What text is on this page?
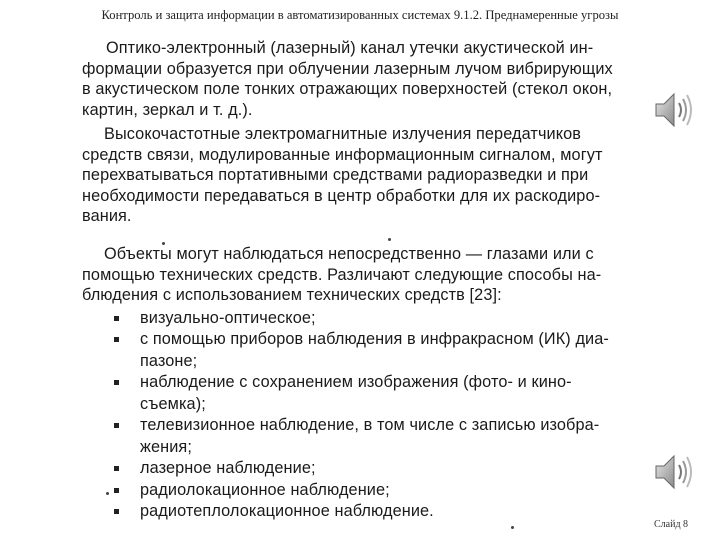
Контроль и защита информации в автоматизированных системах 9.1.2. Преднамеренные угрозы

Оптико-электронный (лазерный) канал утечки акустической ин-
формации образуется при облучении лазерным лучом вибрирующих
в акустическом поле тонких отражающих поверхностей (стекол окон,
картин, зеркал и т. д.).

Высокочастотные электромагнитные излучения передатчиков
средств связи, модулированные информационным сигналом, могут
перехватываться портативными средствами радиоразведки и при
необходимости передаваться в центр обработки для их раскодиро-
вания.

Объекты могут наблюдаться непосредственно — глазами или с
помощью технических средств. Различают следующие способы на-
блюдения с использованием технических средств [23]:

визуально-оптическое;
с помощью приборов наблюдения в инфракрасном (ИК) диа-
пазоне;
наблюдение с сохранением изображения (фото- и кино-
съемка);
телевизионное наблюдение, в том числе с записью изобра-
жения;
лазерное наблюдение;
радиолокационное наблюдение;
радиотеплолокационное наблюдение.
Слайд 8
